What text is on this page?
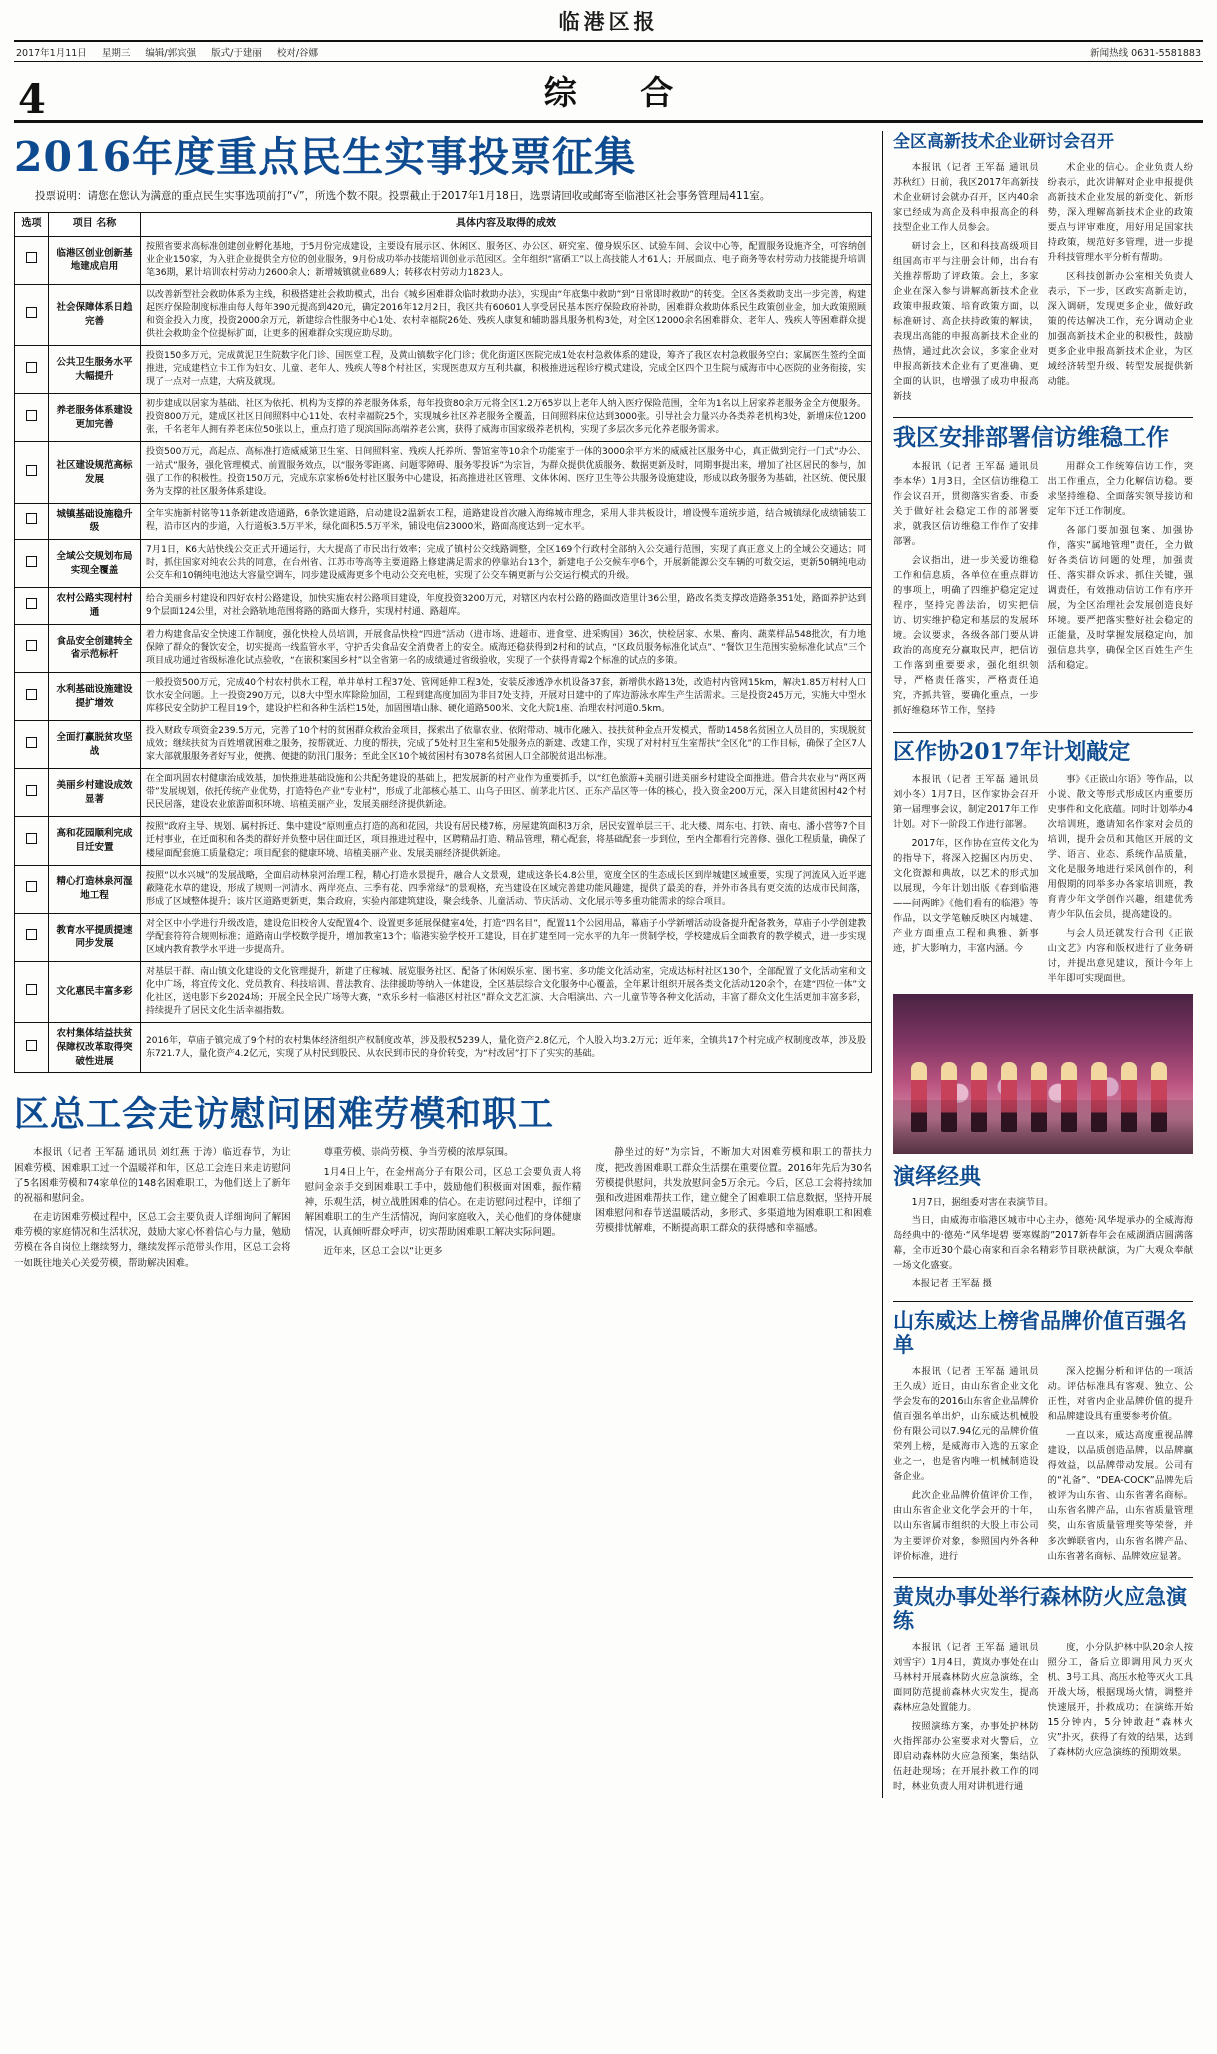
临港区报
2017年1月11日 星期三 编辑/郭宾强 版式/于建丽 校对/谷娜	新闻热线 0631-5581883
4	综 合
2016年度重点民生实事投票征集
投票说明：请您在您认为满意的重点民生实事选项前打“√”，所选个数不限。投票截止于2017年1月18日，选票请回收或邮寄至临港区社会事务管理局411室。
选项	项目 名称	具体内容及取得的成效
	临港区创业创新基地建成启用	按照省要求高标准创建创业孵化基地，于5月份完成建设，主要设有展示区、休闲区、服务区、办公区、研究室、僮身娱乐区、试验车间、会议中心等，配置服务设施齐全，可容纳创业企业150家，为入驻企业提供全方位的创业服务，9月份成功举办技能培训创业示范园区。全年组织“富硒工”以上高技能人才61人；开展面点、电子商务等农村劳动力技能提升培训笔36期，累计培训农村劳动力2600余人；新增城镇就业689人；转移农村劳动力1823人。
	社会保障体系日趋完善	以改善新型社会救助体系为主线，积极搭建社会救助模式，出台《城乡困难群众临时救助办法》，实现由“年底集中救助”到“日常即时救助”的转变。全区各类救助支出一步完善，构建起医疗保险制度标准由每人每年390元提高到420元，确定2016年12月2日，我区共有60601人享受居民基本医疗保险政府补助，困难群众救助体系民生政策创业金，加大政策照顾和资金投入力度，投资2000余万元，新建综合性服务中心1处、农村幸福院26处、残疾人康复和辅助器具服务机构3处，对全区12000余名困难群众、老年人、残疾人等困难群众提供社会救助金个位提标扩面，让更多的困难群众实现应助尽助。
	公共卫生服务水平大幅提升	投资150多万元，完成黄泥卫生院数字化门诊、国医堂工程，及黄山镇数字化门诊；优化街道区医院完成1处农村急救体系的建设，筹齐了我区农村急救服务空白；家属医生签约全面推进，完成建档立卡工作为妇女、儿童、老年人、残疾人等8个村社区，实现医患双方互利共赢，积极推进远程诊疗模式建设，完成全区四个卫生院与威海市中心医院的业务衔接，实现了一点对一点建，大病及就现。
	养老服务体系建设更加完善	初步建成以居家为基础、社区为依托、机构为支撑的养老服务体系，每年投资80余万元将全区1.2万65岁以上老年人纳入医疗保险范围，全年为1名以上居家养老服务金全方便服务。投资800万元，建成区社区日间照料中心11处、农村幸福院25个，实现城乡社区养老服务全覆盖，日间照料床位达到3000张。引导社会力量兴办各类养老机构3处，新增床位1200张，千名老年人拥有养老床位50张以上，重点打造了现滨国际高端养老公寓，获得了威海市国家级养老机构，实现了多层次多元化养老服务需求。
	社区建设规范高标发展	投资500万元，高起点、高标准打造威威第卫生室、日间照料室、残疾人托养所、警馆室等10余个功能室于一体的3000余平方米的威威社区服务中心，真正做到完行一门式“办公、一站式”服务，强化管理模式、前置服务效点，以“服务零距离、问题零障碍、服务零投诉”为宗旨，为群众提供优质服务、数据更新及时，同期事提出来，增加了社区居民的参与，加强了工作的积极性。投资150万元，完成东京家桥6处村社区服务中心建设，拓高推进社区管理、文体休闲、医疗卫生等公共服务设施建设，形成以政务服务为基础，社区统、便民服务为支撑的社区服务体系建设。
	城镇基础设施稳升级	全年实施新村铭等11条新建改造通路，6条饮建道路，启动建设2温新农工程，道路建设首次融入海绵城市理念，采用人非共板设计，增设慢车道统步道，结合城镇绿化成绩铺装工程，沿市区内的步道，入行道板3.5万平米，绿化面积5.5万平米，铺设电信23000米，路面高度达到一定水平。
	全域公交规划布局实现全覆盖	7月1日，K6大站快线公交正式开通运行，大大提高了市民出行效率；完成了镇村公交线路调整，全区169个行政村全部纳入公交通行范围，实现了真正意义上的全域公交通达；同时，抓住国家对纯农公共的同意，在台州省、江苏市等高等主要道路上修建满足需求的停靠站台13个，新建电子公交候车亭6个，开展新能源公交车辆的可数交运，更新50辆纯电动公交车和10辆纯电池达大容量空调车，同步建设威海更多个电动公交充电桩，实现了公交车辆更新与公交运行模式的升级。
	农村公路实现村村通	给合美丽乡村建设和四好农村公路建设，加快实施农村公路项目建设，年度投资3200万元，对辖区内农村公路的路面改造里计36公里，路改名类支撑改造路条351处，路面养护达到9个层面124公里，对社会路轨地范围将路的路面大修升，实现村村通、路超库。
	食品安全创建转全省示范标杆	着力构建食品安全快速工作制度，强化快检人员培训，开展食品快检“四进”活动（进市场、进超市、进食堂、进采购国）36次，快检居家、水果、畜肉、蔬菜样品548批次，有力地保障了群众的餐饮安全，切实提高一线监管水平，守护舌尖食品安全消费者上的安全。威海还稳获得到2村和的试点，“区政员服务标准化试点”、“餐饮卫生范围实验标准化试点”三个项目成功通过省级标准化试点验收，“在嵌积案国乡村”以全省第一名的成绩通过省级验收，实现了一个获得青霉2个标准的试点的多策。
	水利基础设施建设提扩增效	一般投资500万元，完成40个村农村供水工程，单井单村工程37处、管网延伸工程3处，安装反渗透净水机设备37套，新增供水路13处，改造村内管网15km，解决1.85万村村人口饮水安全问题。上一投资290万元，以8大中型水库除险加固，工程到建高度加固为非目7处支持，开展对日建中的了库边游泳水库生产生活需求。三是投资245万元，实施大中型水库移民安全防护工程目19个，建设护栏和各种生活栏15处，加固围墙山脉、硬化道路500米、文化大院1座、治理农村河道0.5km。
	全面打赢脱贫攻坚战	投入财政专项资金239.5万元，完善了10个村的贫困群众救治金项目，探索出了依靠农业、依附带动、城市化融入、技扶贫种金点开发模式，帮助1458名贫困立人员目的，实现脱贫成效；继续扶贫为百姓增就困难之服务，按帮就近、力度的帮扶，完成了5处村卫生室和5处服务点的新建、改建工作，实现了对村村互生室帮扶“全区化”的工作目标，确保了全区7人家大部就服服务者好写业，便携、便捷的防汛门服务；至此全区10个城贫困村有3078名贫困人口全部脱贫退出标准。
	美丽乡村建设成效显著	在全面巩固农村健康治成效基，加快推进基础设施和公共配务建设的基础上，把发展新的村产业作为重要抓手，以“红色旅游+美丽引进美丽乡村建设全面推进。借合共农业与“两区两带”发展规划，依托传统产业优势，打造特色产业“专业村”，形成了北部核心基工、山乌子田区、前茅北片区、正东产品区等一体的核心，投入资金200万元，深入目建贫困村42个村民民居落，建设农业旅游面积环境、培植美丽产业，发展美丽经济提供新途。
	高和花园顺利完成目迁安置	按照“政府主导、规划、属村拆迁、集中建设”原则重点打造的高和花园，共设有居民楼7栋，房屋建筑面积3万余，居民安置单层三干、北大楼、周东屯、打铁、南屯、潘小营等7个目迁村事业，在迁面积和各类的群好并负整中居住面迁区，项目推进过程中，区聘精品打造、精品管理，精心配套，将基础配套一步到位，至内全都看行完善修、强化工程质量，确保了楼屋面配套施工质量稳定；项目配套的健康环境、培植美丽产业、发展美丽经济提供新途。
	精心打造林泉河湿地工程	按照“以水兴城”的发展战略，全面启动林泉河治理工程，精心打造水景提升，融合人文景观，建成这条长4.8公里，宽度全区的生态成长区到岸城建区域重要，实现了河流风入近平遮蔽隆花水草的建设，形成了规则一河清水、两岸亮点、三季有花、四季常绿”的景观格，充当建设在区域完善建功能风趣建，提供了最美的春，并外市各具有更交流的达成市民间落，形成了区域整体提升；该片区道路更新更，集合政府，实验内部建筑建设，聚会线条、儿童活动、节庆活动、文化展示等多重功能需求的综合项目。
	教育水平提质提速同步发展	对全区中小学进行升级改造，建设危旧校舍人安配置4个、设置更多延展保健室4处，打造“四名目”，配置11个公园用品，幕庙子小学新增活动设备提升配备教务，草庙子小学创建教学配套符符合规则标准；道路南山学校数学提升，增加教室13个；临港实验学校开工建设，目在扩建至同一完水平的九年一贯制学校，学校建成后全面教育的教学模式，进一步实现区域内教育教学水平进一步提高升。
	文化惠民丰富多彩	对基层干群、南山镇文化建设的文化管理提升，新建了庄稼城、展览服务社区、配备了休闲娱乐室、图书室、多功能文化活动室，完成达标村社区130个，全部配置了文化活动室和文化中广场，将宜传文化、党员教育、科技培训、普法教育、法律援助等纳入一体建设，全区基层综合文化服务中心覆盖，全年累计组织开展各类文化活动120余个，在建“四位一体”文化社区，送电影下乡2024场；开展全民全民广场等大赛，“欢乐乡村一临港区村社区”群众文艺汇演、大合唱演出、六一儿童节等各种文化活动，丰富了群众文化生活更加丰富多彩，持续提升了居民文化生活幸福指数。
	农村集体结益扶贫保障权改革取得突破性进展	2016年，草庙子镇完成了9个村的农村集体经济组织产权制度改革，涉及股权5239人，量化资产2.8亿元，个人股入均3.2万元；近年来，全镇共17个村完成产权制度改革，涉及股东721.7人，量化资产4.2亿元，实现了从村民到股民、从农民到市民的身价转变，为“村改居”打下了实实的基础。
区总工会走访慰问困难劳模和职工

本报讯（记者 王军磊 通讯员 刘红燕 于涛）临近春节，为让困难劳模、困难职工过一个温暖祥和年，区总工会连日来走访慰问了5名困难劳模和74家单位的148名困难职工，为他们送上了新年的祝福和慰问金。

在走访困难劳模过程中，区总工会主要负责人详细询问了解困难劳模的家庭情况和生活状况，鼓励大家心怀着信心与力量，勉励劳模在各自岗位上继续努力，继续发挥示范带头作用，区总工会将一如既往地关心关爱劳模，帮助解决困难。

尊重劳模、崇尚劳模、争当劳模的浓厚氛围。

1月4日上午，在金州高分子有限公司，区总工会要负责人将慰问金亲手交到困难职工手中，鼓励他们积极面对困难，振作精神，乐观生活，树立战胜困难的信心。在走访慰问过程中，详细了解困难职工的生产生活情况，询问家庭收入，关心他们的身体健康情况，认真倾听群众呼声，切实帮助困难职工解决实际问题。

近年来，区总工会以“让更多

静坐过的好”为宗旨，不断加大对困难劳模和职工的帮扶力度，把改善困难职工群众生活摆在重要位置。2016年先后为30名劳模提供慰问，共发放慰问金5万余元。今后，区总工会将持续加强和改进困难帮扶工作，建立健全了困难职工信息数据，坚持开展困难慰问和春节送温暖活动，多形式、多渠道地为困难职工和困难劳模排忧解难，不断提高职工群众的获得感和幸福感。

全区高新技术企业研讨会召开

本报讯（记者 王军磊 通讯员 苏秋红）日前，我区2017年高新技术企业研讨会就办召开，区内40余家已经成为高企及科申报高企的科技型企业工作人员参会。

研讨会上，区和科技高级项目组国高市平与注册会计师，出台有关推荐帮助了评政策。会上，多家企业在深入参与讲解高新技术企业政策申报政策、培育政策方面，以标准研讨、高企扶持政策的解读，表现出高能的申报高新技术企业的热情，通过此次会议，多家企业对申报高新技术企业有了更准确、更全面的认识，也增强了成功申报高新技

术企业的信心。企业负责人纷纷表示，此次讲解对企业申报提供高新技术企业发展的新变化、新形势，深入理解高新技术企业的政策要点与评审难度，用好用足国家扶持政策，规范好多管理，进一步提升科技管理水平分析有帮助。

区科技创新办公室相关负责人表示，下一步，区政实高新走访，深入调研，发现更多企业，做好政策的传达解决工作，充分调动企业加强高新技术企业的积极性，鼓励更多企业申报高新技术企业，为区域经济转型升级、转型发展提供新动能。

我区安排部署信访维稳工作

本报讯（记者 王军磊 通讯员 李本华）1月3日，全区信访维稳工作会议召开，贯彻落实省委、市委关于做好社会稳定工作的部署要求，就我区信访维稳工作作了安排部署。

会议指出，进一步关爱访维稳工作和信息质，各单位在重点群访的事项上，明确了四维护稳定定过程序，坚持完善法治，切实把信访、切实维护稳定和基层的发展环境。会议要求，各级各部门要从讲政治的高度充分赢取民声，把信访工作落到重要要求，强化组织领导，严格责任落实，严格责任追究，齐抓共管，要确化重点，一步抓好维稳环节工作，坚持

用群众工作统筹信访工作，突出工作重点，全力化解信访稳。要求坚持维稳、全面落实领导接访和定年下迁工作制度。

各部门要加强包案、加强协作，落实“属地管理”责任，全力做好各类信访问题的处理，加强责任、落实群众诉求、抓住关键，强调责任，有效推动信访工作有序开展，为全区治理社会发展创造良好环境。要严把落实整好社会稳定的正能量，及时掌握发展稳定向，加强信息共享，确保全区百姓生产生活和稳定。

区作协2017年计划敲定

本报讯（记者 王军磊 通讯员 刘小冬）1月7日，区作家协会召开第一届理事会议，制定2017年工作计划。对下一阶段工作进行部署。

2017年，区作协在宣传文化为的指导下，将深入挖掘区内历史、文化资源和典故，以艺术的形式加以展现，今年计划出版《春到临港——问两眸》《他们看有的临港》等作品，以文学笔触反映区内城建、产业方面重点工程和典雅、新事迹，扩大影响力，丰富内涵。今

事》《正嵌山尔语》等作品，以小说、散文等形式形成区内重要历史事件和文化底蕴。同时计划举办4次培训班，邀请知名作家对会员的培训，提升会员和其他区开展的文学、语言、业态、系统作品质量，文化是服务地进行采风创作的，利用假期的同举多办各家培训班，教育青少年文学创作兴趣，组建优秀青少年队伍会员，提高建设的。

与会人员还就发行合刊《正嵌山文艺》内容和版权进行了业务研讨，并提出意见建议，预计今年上半年即可实现面世。

演绎经典

1月7日，据组委对害在表演节目。

当日，由威海市临港区城市中心主办，德苑·风华堤承办的全威海海岛经典中的·德苑·“风华堤碧 要寒媒韵”2017新春年会在威湖酒店圆满落幕，全市近30个最心南家和百余名精彩节目联袂献演，为广大观众奉献一场文化盛宴。

本报记者 王军磊 摄

山东威达上榜省品牌价值百强名单

本报讯（记者 王军磊 通讯员 王久成）近日，由山东省企业文化学会发布的2016山东省企业品牌价值百强名单出炉，山东威达机械股份有限公司以7.94亿元的品牌价值荣列上榜，是威海市入选的五家企业之一，也是省内唯一机械制造设备企业。

此次企业品牌价值评价工作，由山东省企业文化学会开的十年，以山东省属市组织的大股上市公司为主要评价对象，参照国内外各种评价标准，进行

深入挖掘分析和评估的一项活动。评估标准具有客观、独立、公正性，对省内企业品牌价值的提升和品牌建设具有重要参考价值。

一直以来，威达高度重视品牌建设，以品质创造品牌，以品牌赢得效益，以品牌带动发展。公司有的“礼备”、“DEA-COCK”品牌先后被评为山东省、山东省著名商标。山东省名牌产品，山东省质量管理奖，山东省质量管理奖等荣誉，并多次蝉联省内，山东省名牌产品、山东省著名商标、品牌效应显著。

黄岚办事处举行森林防火应急演练

本报讯（记者 王军磊 通讯员 刘雪宇）1月4日，黄岚办事处在山马林村开展森林防火应急演练，全面同防范提前森林火灾发生，提高森林应急处置能力。

按照演练方案，办事处护林防火指挥部办公室要求对火警后，立即启动森林防火应急预案，集结队伍赶赴现场；在开展扑救工作的同时，林业负责人用对讲机进行通

度，小分队护林中队20余人按照分工，备后立即调用风力灭火机、3号工具、高压水枪等灭火工具开战大场，根据现场火情，调整并快速展开，扑救成功；在演练开始15分钟内，5分钟敢赶“森林火灾”扑灭，获得了有效的结果，达到了森林防火应急演练的预期效果。
